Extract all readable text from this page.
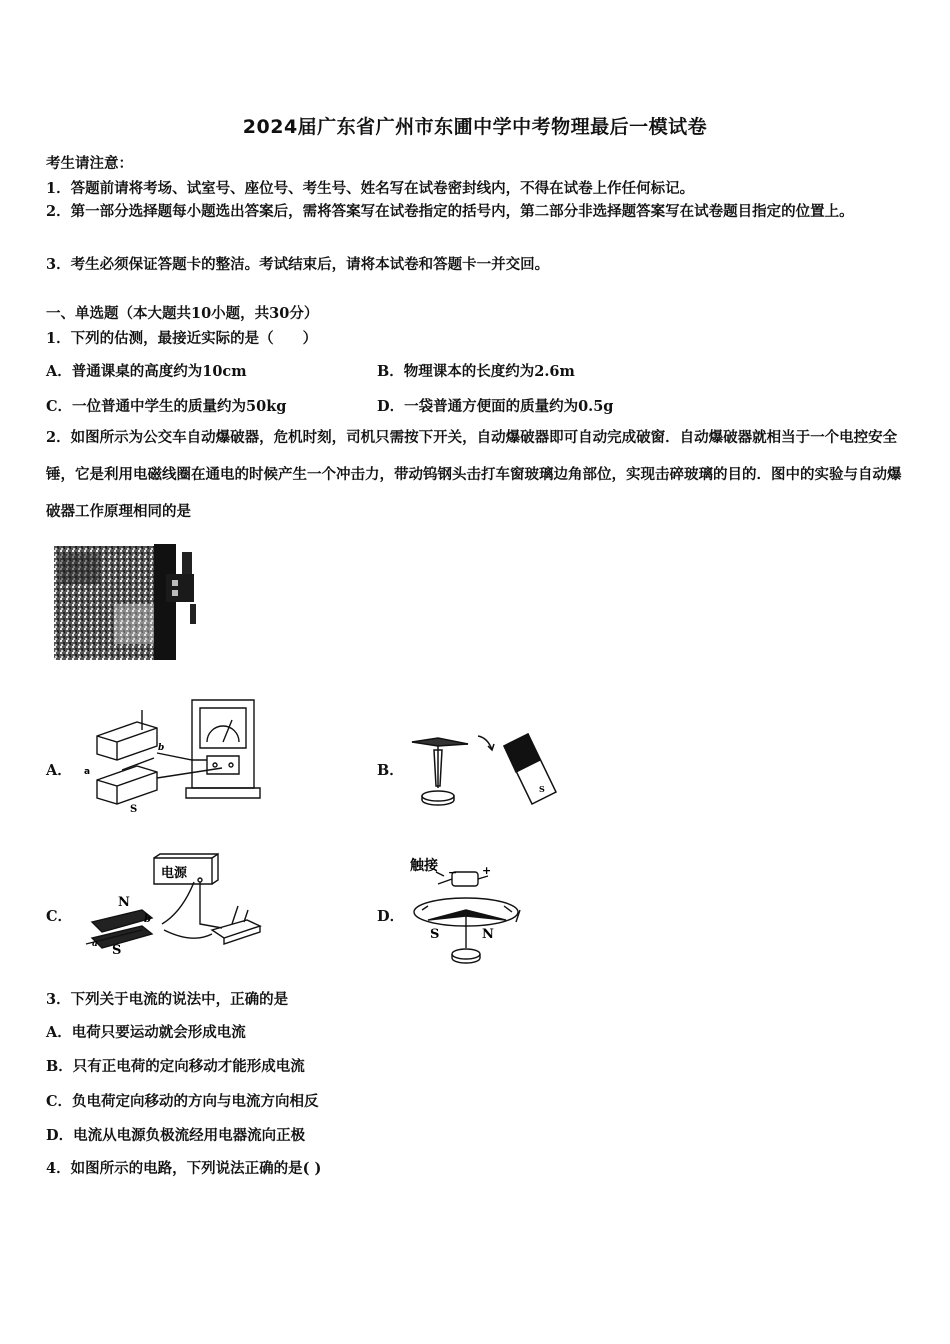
2024届广东省广州市东圃中学中考物理最后一模试卷
考生请注意：
1．答题前请将考场、试室号、座位号、考生号、姓名写在试卷密封线内，不得在试卷上作任何标记。
2．第一部分选择题每小题选出答案后，需将答案写在试卷指定的括号内，第二部分非选择题答案写在试卷题目指定的位置上。
3．考生必须保证答题卡的整洁。考试结束后，请将本试卷和答题卡一并交回。
一、单选题（本大题共10小题，共30分）
1．下列的估测，最接近实际的是（　　）
A．普通课桌的高度约为10cm	B．物理课本的长度约为2.6m
C．一位普通中学生的质量约为50kg	D．一袋普通方便面的质量约为0.5g
2．如图所示为公交车自动爆破器，危机时刻，司机只需按下开关，自动爆破器即可自动完成破窗．自动爆破器就相当于一个电控安全锤，它是利用电磁线圈在通电的时候产生一个冲击力，带动钨钢头击打车窗玻璃边角部位，实现击碎玻璃的目的．图中的实验与自动爆破器工作原理相同的是
A． a
b
S
B．
S
C．
电源
N
S
b
a
D．
触接	+
−
S	N
3．下列关于电流的说法中，正确的是
A．电荷只要运动就会形成电流
B．只有正电荷的定向移动才能形成电流
C．负电荷定向移动的方向与电流方向相反
D．电流从电源负极流经用电器流向正极
4．如图所示的电路，下列说法正确的是( )
